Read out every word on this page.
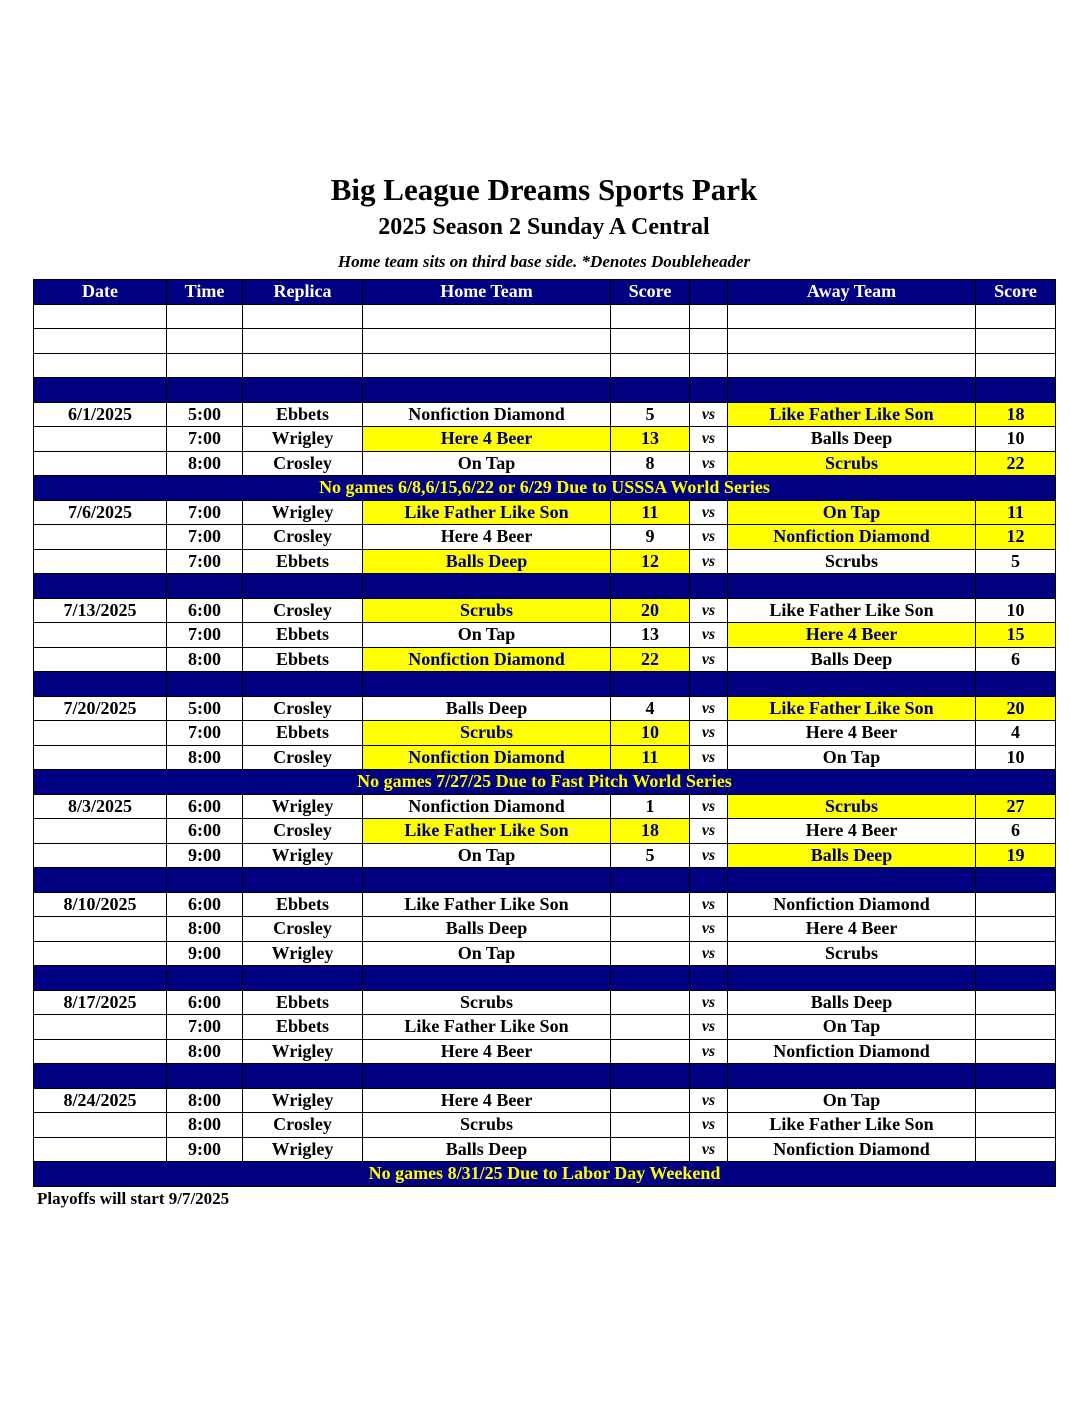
Big League Dreams Sports Park
2025 Season 2 Sunday A Central
Home team sits on third base side. *Denotes Doubleheader
Date	Time	Replica	Home Team	Score		Away Team	Score

6/1/2025	5:00	Ebbets	Nonfiction Diamond	5	vs	Like Father Like Son	18
	7:00	Wrigley	Here 4 Beer	13	vs	Balls Deep	10
	8:00	Crosley	On Tap	8	vs	Scrubs	22
No games 6/8,6/15,6/22 or 6/29 Due to USSSA World Series							
7/6/2025	7:00	Wrigley	Like Father Like Son	11	vs	On Tap	11
	7:00	Crosley	Here 4 Beer	9	vs	Nonfiction Diamond	12
	7:00	Ebbets	Balls Deep	12	vs	Scrubs	5

7/13/2025	6:00	Crosley	Scrubs	20	vs	Like Father Like Son	10
	7:00	Ebbets	On Tap	13	vs	Here 4 Beer	15
	8:00	Ebbets	Nonfiction Diamond	22	vs	Balls Deep	6

7/20/2025	5:00	Crosley	Balls Deep	4	vs	Like Father Like Son	20
	7:00	Ebbets	Scrubs	10	vs	Here 4 Beer	4
	8:00	Crosley	Nonfiction Diamond	11	vs	On Tap	10
No games 7/27/25 Due to Fast Pitch World Series							
8/3/2025	6:00	Wrigley	Nonfiction Diamond	1	vs	Scrubs	27
	6:00	Crosley	Like Father Like Son	18	vs	Here 4 Beer	6
	9:00	Wrigley	On Tap	5	vs	Balls Deep	19

8/10/2025	6:00	Ebbets	Like Father Like Son		vs	Nonfiction Diamond	
	8:00	Crosley	Balls Deep		vs	Here 4 Beer	
	9:00	Wrigley	On Tap		vs	Scrubs	

8/17/2025	6:00	Ebbets	Scrubs		vs	Balls Deep	
	7:00	Ebbets	Like Father Like Son		vs	On Tap	
	8:00	Wrigley	Here 4 Beer		vs	Nonfiction Diamond	

8/24/2025	8:00	Wrigley	Here 4 Beer		vs	On Tap	
	8:00	Crosley	Scrubs		vs	Like Father Like Son	
	9:00	Wrigley	Balls Deep		vs	Nonfiction Diamond	
No games 8/31/25 Due to Labor Day Weekend							
Playoffs will start 9/7/2025
